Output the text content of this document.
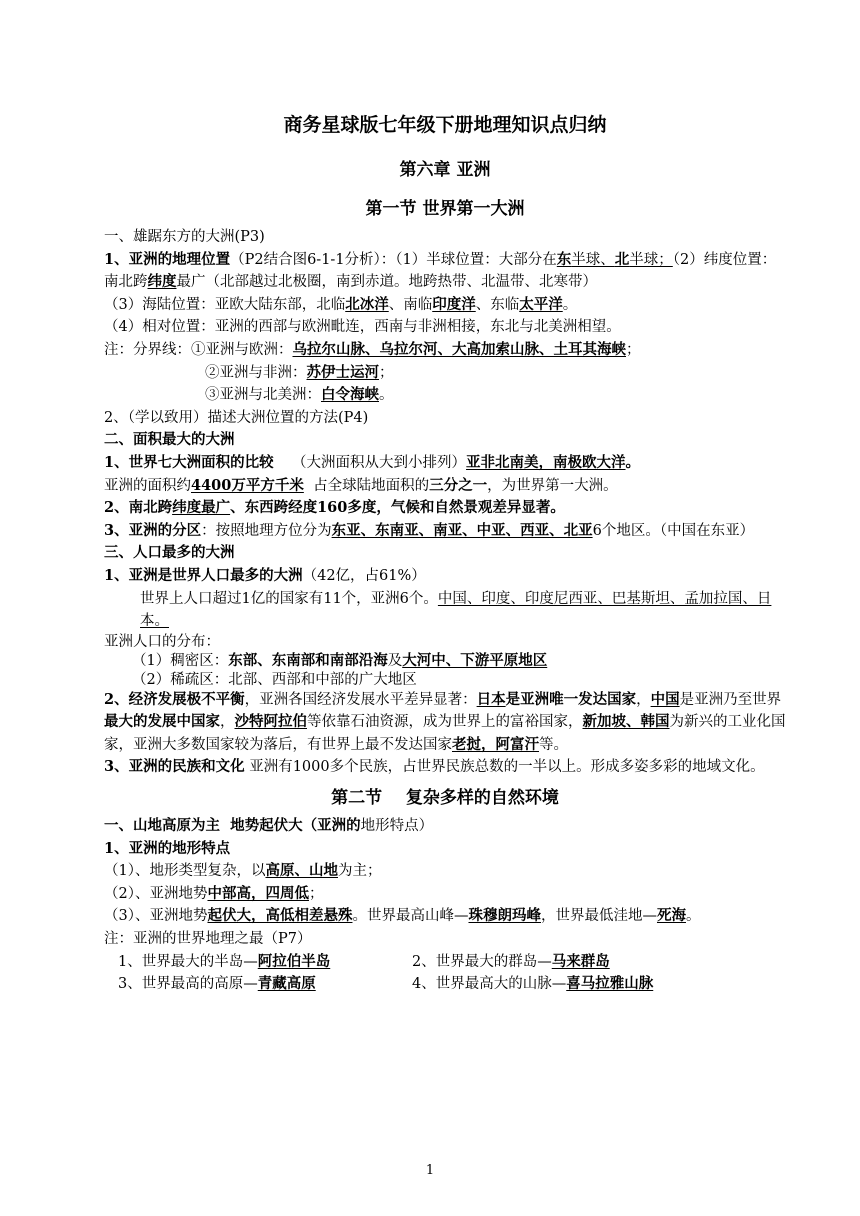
商务星球版七年级下册地理知识点归纳
第六章 亚洲
第一节 世界第一大洲
一、雄踞东方的大洲(P3)
1、亚洲的地理位置（P2结合图6-1-1分析）：（1）半球位置：大部分在东半球、北半球；（2）纬度位置：南北跨纬度最广（北部越过北极圈，南到赤道。地跨热带、北温带、北寒带）
（3）海陆位置：亚欧大陆东部，北临北冰洋、南临印度洋、东临太平洋。
（4）相对位置：亚洲的西部与欧洲毗连，西南与非洲相接，东北与北美洲相望。
注：分界线：①亚洲与欧洲：乌拉尔山脉、乌拉尔河、大高加索山脉、土耳其海峡；
②亚洲与非洲：苏伊士运河；
③亚洲与北美洲：白令海峡。
2、（学以致用）描述大洲位置的方法(P4)
二、面积最大的大洲
1、世界七大洲面积的比较    （大洲面积从大到小排列）亚非北南美，南极欧大洋。
亚洲的面积约4400万平方千米  占全球陆地面积的三分之一，为世界第一大洲。
2、南北跨纬度最广、东西跨经度160多度，气候和自然景观差异显著。
3、亚洲的分区：按照地理方位分为东亚、东南亚、南亚、中亚、西亚、北亚6个地区。（中国在东亚）
三、人口最多的大洲
1、亚洲是世界人口最多的大洲（42亿，占61%）
世界上人口超过1亿的国家有11个，亚洲6个。中国、印度、印度尼西亚、巴基斯坦、孟加拉国、日本。
亚洲人口的分布：
（1）稠密区：东部、东南部和南部沿海及大河中、下游平原地区
（2）稀疏区：北部、西部和中部的广大地区
2、经济发展极不平衡，亚洲各国经济发展水平差异显著：日本是亚洲唯一发达国家，中国是亚洲乃至世界最大的发展中国家，沙特阿拉伯等依靠石油资源，成为世界上的富裕国家，新加坡、韩国为新兴的工业化国家，亚洲大多数国家较为落后，有世界上最不发达国家老挝，阿富汗等。
3、亚洲的民族和文化 亚洲有1000多个民族，占世界民族总数的一半以上。形成多姿多彩的地域文化。
第二节    复杂多样的自然环境
一、山地高原为主  地势起伏大（亚洲的地形特点）
1、亚洲的地形特点
（1）、地形类型复杂，以高原、山地为主；
（2）、亚洲地势中部高，四周低；
（3）、亚洲地势起伏大，高低相差悬殊。世界最高山峰—珠穆朗玛峰，世界最低洼地—死海。
注：亚洲的世界地理之最（P7）
1、世界最大的半岛—阿拉伯半岛	2、世界最大的群岛—马来群岛
3、世界最高的高原—青藏高原	4、世界最高大的山脉—喜马拉雅山脉
1
